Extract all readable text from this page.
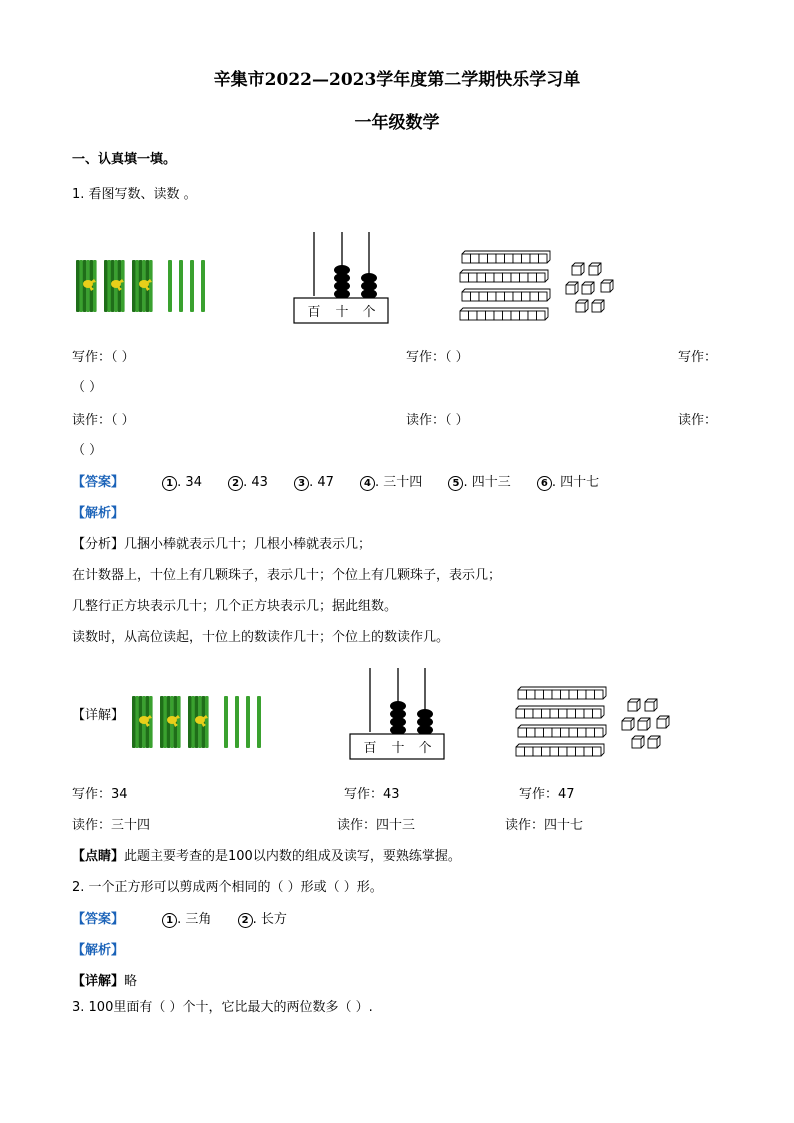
辛集市2022—2023学年度第二学期快乐学习单
一年级数学
一、认真填一填。
1. 看图写数、读数 。
百 十 个
写作：（ ）	写作：（ ）	写作：
（ ）
读作：（ ）	读作：（ ）	读作：
（ ）
【答案】	1 . 34	2 . 43	3 . 47	4 . 三十四	5 . 四十三	6 . 四十七
【解析】
【分析】几捆小棒就表示几十；几根小棒就表示几；
在计数器上，十位上有几颗珠子，表示几十；个位上有几颗珠子，表示几；
几整行正方块表示几十；几个正方块表示几；据此组数。
读数时，从高位读起，十位上的数读作几十；个位上的数读作几。
【详解】
百 十 个
写作：34	写作：43	写作：47
读作：三十四	读作：四十三	读作：四十七
【点睛】此题主要考查的是100以内数的组成及读写，要熟练掌握。
2. 一个正方形可以剪成两个相同的（ ）形或（ ）形。
【答案】	1 . 三角	2 . 长方
【解析】
【详解】略
3. 100里面有（ ）个十，它比最大的两位数多（ ）.
